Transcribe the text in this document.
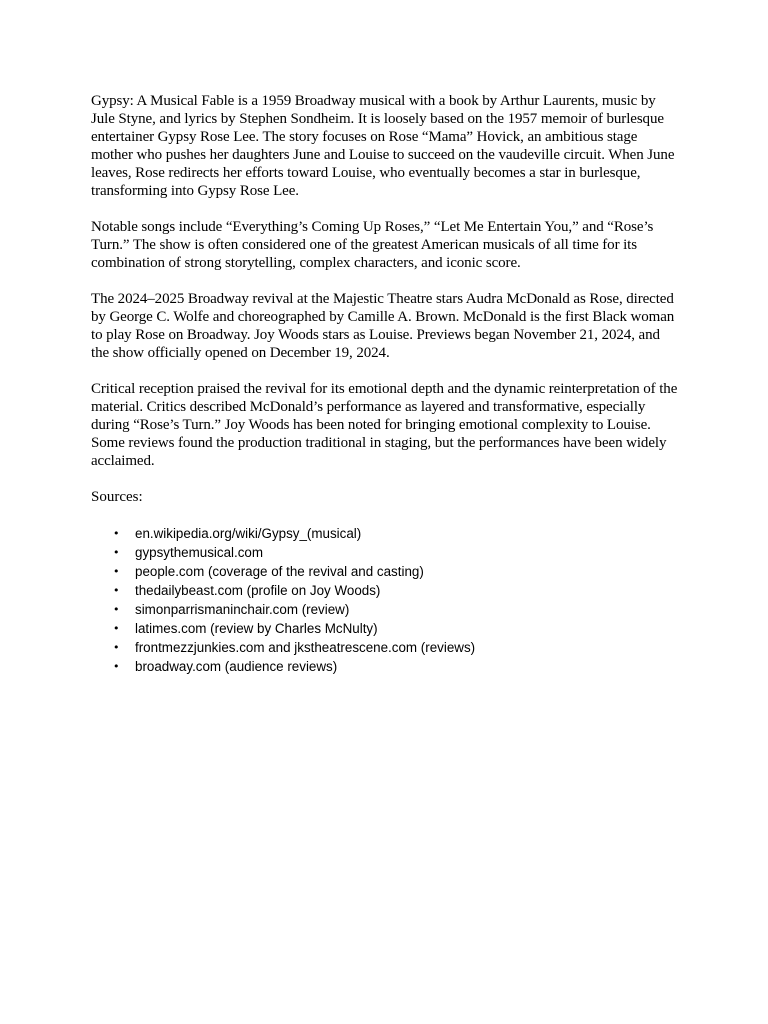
Gypsy: A Musical Fable is a 1959 Broadway musical with a book by Arthur Laurents, music by Jule Styne, and lyrics by Stephen Sondheim. It is loosely based on the 1957 memoir of burlesque entertainer Gypsy Rose Lee. The story focuses on Rose “Mama” Hovick, an ambitious stage mother who pushes her daughters June and Louise to succeed on the vaudeville circuit. When June leaves, Rose redirects her efforts toward Louise, who eventually becomes a star in burlesque, transforming into Gypsy Rose Lee.

Notable songs include “Everything’s Coming Up Roses,” “Let Me Entertain You,” and “Rose’s Turn.” The show is often considered one of the greatest American musicals of all time for its combination of strong storytelling, complex characters, and iconic score.

The 2024–2025 Broadway revival at the Majestic Theatre stars Audra McDonald as Rose, directed by George C. Wolfe and choreographed by Camille A. Brown. McDonald is the first Black woman to play Rose on Broadway. Joy Woods stars as Louise. Previews began November 21, 2024, and the show officially opened on December 19, 2024.

Critical reception praised the revival for its emotional depth and the dynamic reinterpretation of the material. Critics described McDonald’s performance as layered and transformative, especially during “Rose’s Turn.” Joy Woods has been noted for bringing emotional complexity to Louise. Some reviews found the production traditional in staging, but the performances have been widely acclaimed.

Sources:

• en.wikipedia.org/wiki/Gypsy_(musical)
• gypsythemusical.com
• people.com (coverage of the revival and casting)
• thedailybeast.com (profile on Joy Woods)
• simonparrismaninchair.com (review)
• latimes.com (review by Charles McNulty)
• frontmezzjunkies.com and jkstheatrescene.com (reviews)
• broadway.com (audience reviews)
